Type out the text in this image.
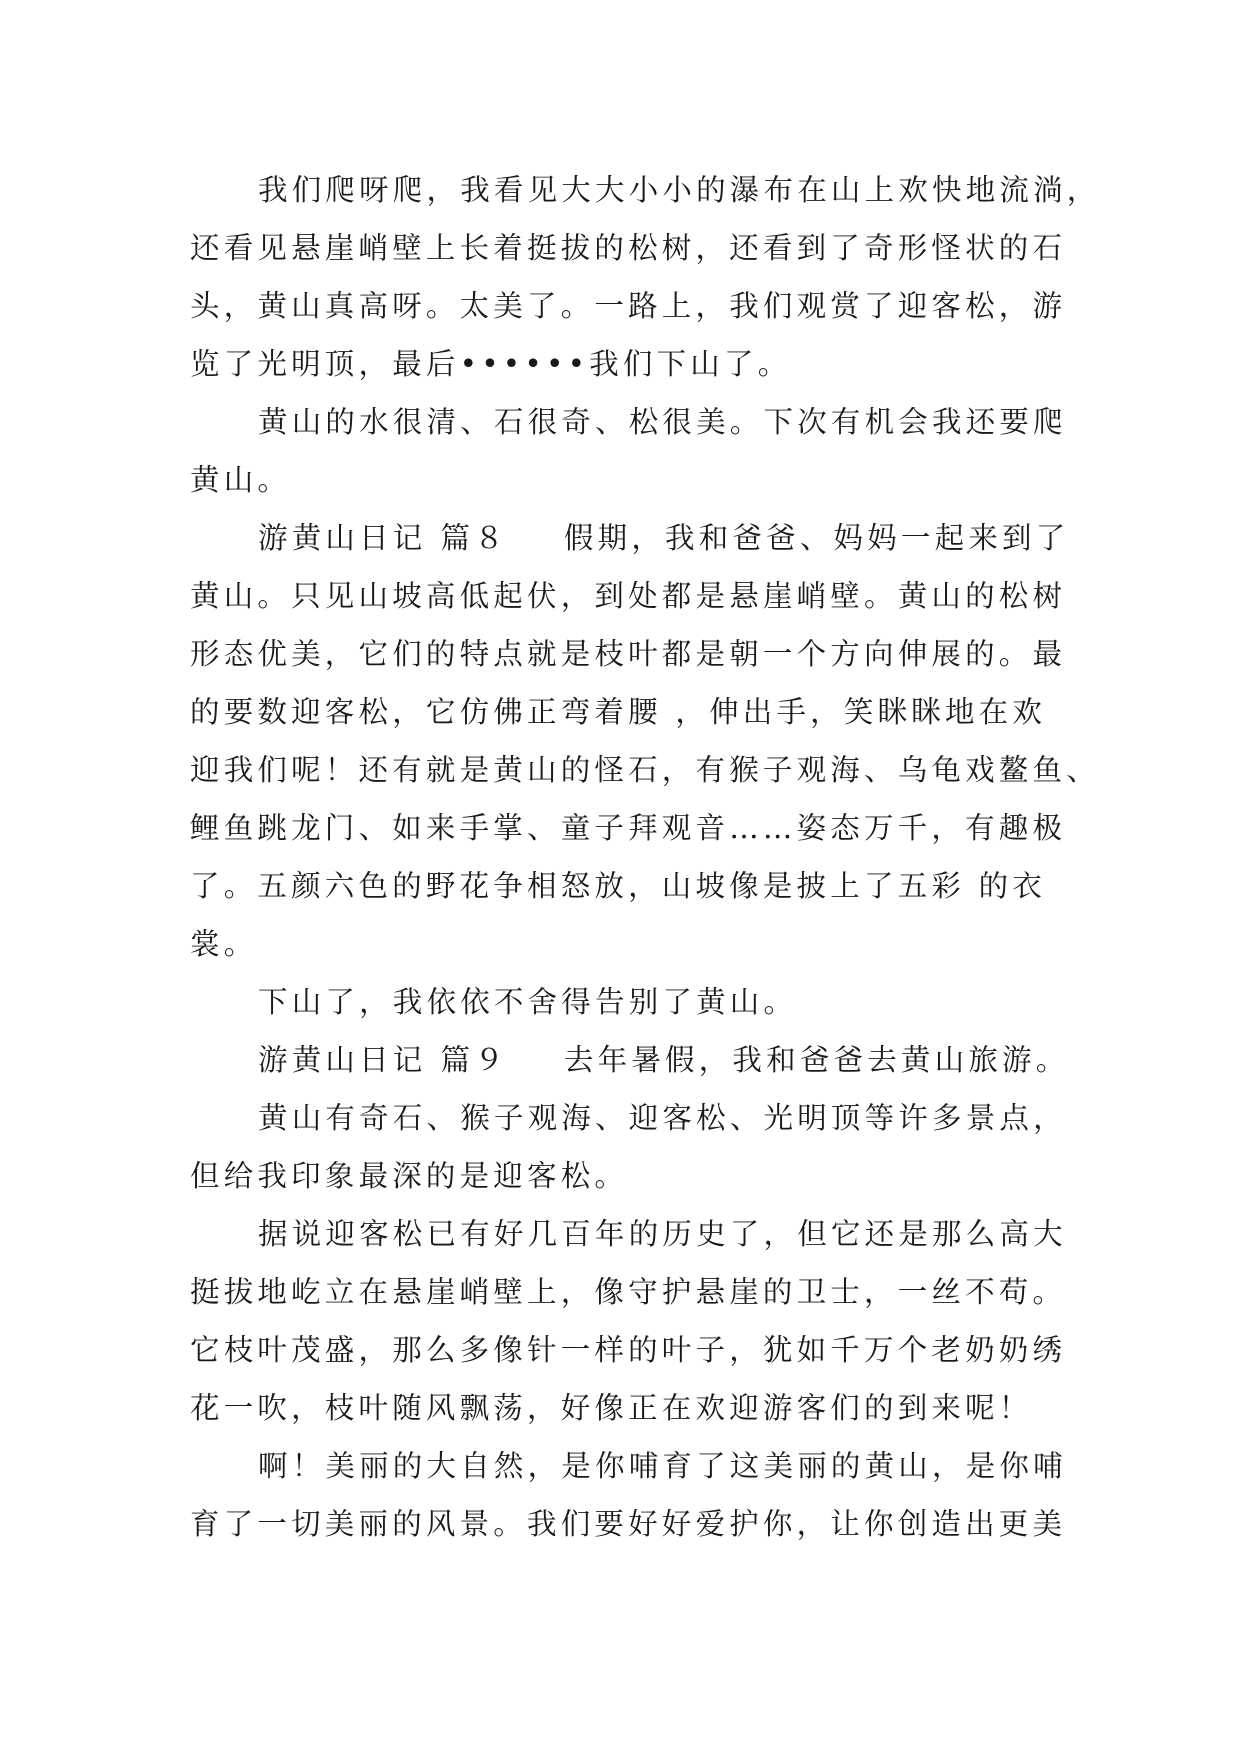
我们爬呀爬，我看见大大小小的瀑布在山上欢快地流淌，
还看见悬崖峭壁上长着挺拔的松树，还看到了奇形怪状的石
头，黄山真高呀。太美了。一路上，我们观赏了迎客松，游
览了光明顶，最后••••••我们下山了。
黄山的水很清、石很奇、松很美。下次有机会我还要爬
黄山。
游黄山日记 篇８ 假期，我和爸爸、妈妈一起来到了
黄山。只见山坡高低起伏，到处都是悬崖峭壁。黄山的松树
形态优美，它们的特点就是枝叶都是朝一个方向伸展的。最
的要数迎客松，它仿佛正弯着腰 ，伸出手，笑眯眯地在欢
迎我们呢！还有就是黄山的怪石，有猴子观海、乌龟戏鳌鱼、
鲤鱼跳龙门、如来手掌、童子拜观音……姿态万千，有趣极
了。五颜六色的野花争相怒放，山坡像是披上了五彩 的衣
裳。
下山了，我依依不舍得告别了黄山。
游黄山日记 篇９ 去年暑假，我和爸爸去黄山旅游。
黄山有奇石、猴子观海、迎客松、光明顶等许多景点，
但给我印象最深的是迎客松。
据说迎客松已有好几百年的历史了，但它还是那么高大
挺拔地屹立在悬崖峭壁上，像守护悬崖的卫士，一丝不苟。
它枝叶茂盛，那么多像针一样的叶子，犹如千万个老奶奶绣
花一吹，枝叶随风飘荡，好像正在欢迎游客们的到来呢！
啊！美丽的大自然，是你哺育了这美丽的黄山，是你哺
育了一切美丽的风景。我们要好好爱护你，让你创造出更美
